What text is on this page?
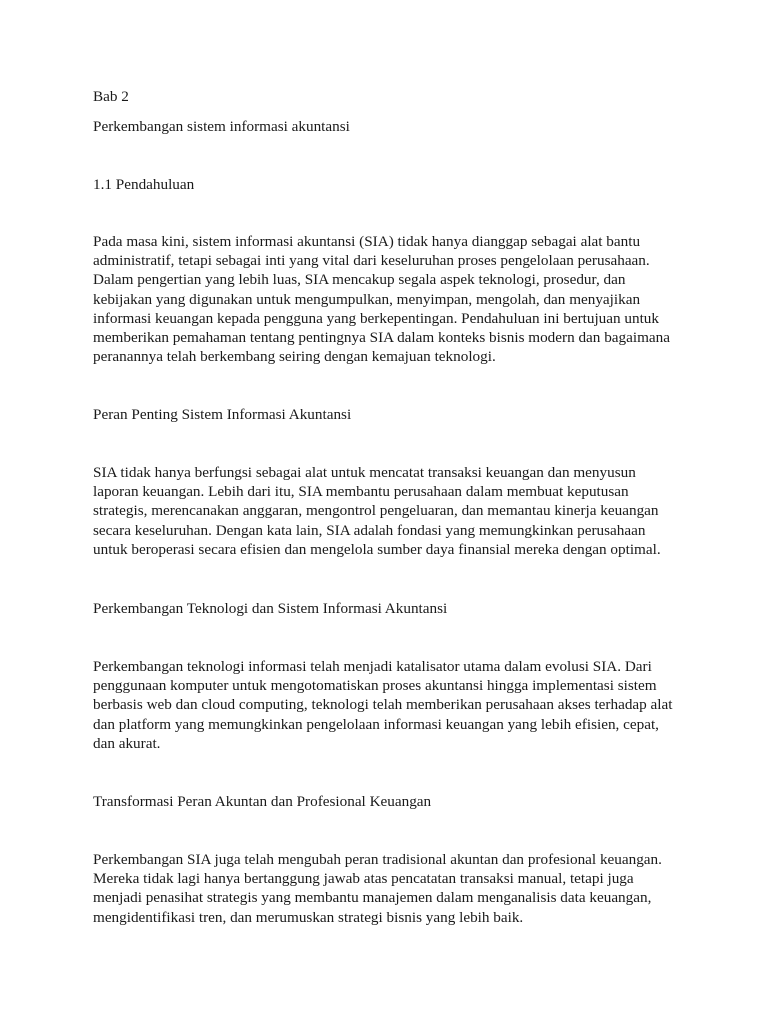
Bab 2

Perkembangan sistem informasi akuntansi

1.1 Pendahuluan

Pada masa kini, sistem informasi akuntansi (SIA) tidak hanya dianggap sebagai alat bantu administratif, tetapi sebagai inti yang vital dari keseluruhan proses pengelolaan perusahaan. Dalam pengertian yang lebih luas, SIA mencakup segala aspek teknologi, prosedur, dan kebijakan yang digunakan untuk mengumpulkan, menyimpan, mengolah, dan menyajikan informasi keuangan kepada pengguna yang berkepentingan. Pendahuluan ini bertujuan untuk memberikan pemahaman tentang pentingnya SIA dalam konteks bisnis modern dan bagaimana peranannya telah berkembang seiring dengan kemajuan teknologi.

Peran Penting Sistem Informasi Akuntansi

SIA tidak hanya berfungsi sebagai alat untuk mencatat transaksi keuangan dan menyusun laporan keuangan. Lebih dari itu, SIA membantu perusahaan dalam membuat keputusan strategis, merencanakan anggaran, mengontrol pengeluaran, dan memantau kinerja keuangan secara keseluruhan. Dengan kata lain, SIA adalah fondasi yang memungkinkan perusahaan untuk beroperasi secara efisien dan mengelola sumber daya finansial mereka dengan optimal.

Perkembangan Teknologi dan Sistem Informasi Akuntansi

Perkembangan teknologi informasi telah menjadi katalisator utama dalam evolusi SIA. Dari penggunaan komputer untuk mengotomatiskan proses akuntansi hingga implementasi sistem berbasis web dan cloud computing, teknologi telah memberikan perusahaan akses terhadap alat dan platform yang memungkinkan pengelolaan informasi keuangan yang lebih efisien, cepat, dan akurat.

Transformasi Peran Akuntan dan Profesional Keuangan

Perkembangan SIA juga telah mengubah peran tradisional akuntan dan profesional keuangan. Mereka tidak lagi hanya bertanggung jawab atas pencatatan transaksi manual, tetapi juga menjadi penasihat strategis yang membantu manajemen dalam menganalisis data keuangan, mengidentifikasi tren, dan merumuskan strategi bisnis yang lebih baik.
